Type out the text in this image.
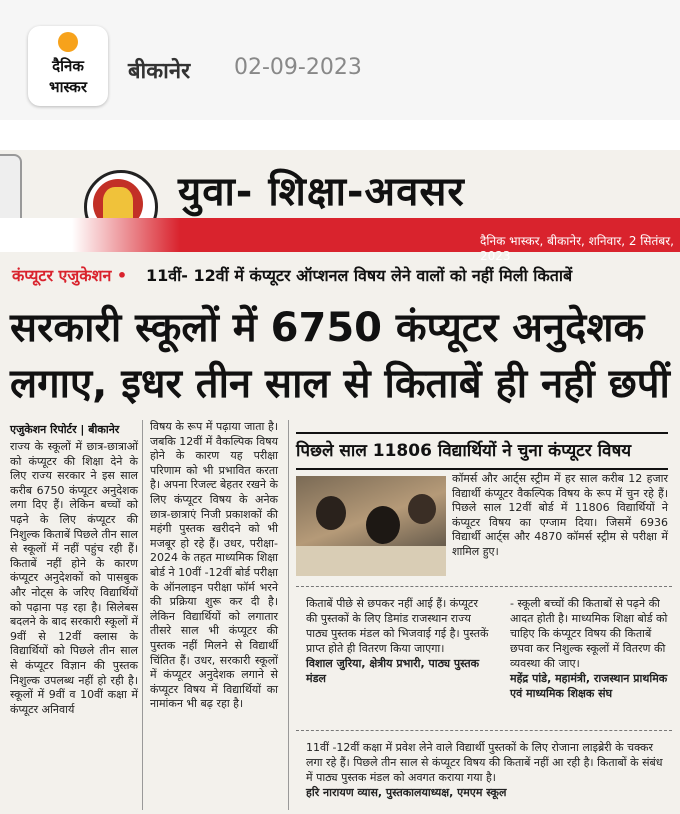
दैनिक
भास्कर
बीकानेर 02-09-2023
युवा- शिक्षा-अवसर
दैनिक भास्कर, बीकानेर, शनिवार, 2 सितंबर, 2023
कंप्यूटर एजुकेशन • 11वीं- 12वीं में कंप्यूटर ऑप्शनल विषय लेने वालों को नहीं मिली किताबें
सरकारी स्कूलों में 6750 कंप्यूटर अनुदेशक लगाए, इधर तीन साल से किताबें ही नहीं छपीं
एजुकेशन रिपोर्टर | बीकानेर
राज्य के स्कूलों में छात्र-छात्राओं को कंप्यूटर की शिक्षा देने के लिए राज्य सरकार ने इस साल करीब 6750 कंप्यूटर अनुदेशक लगा दिए हैं। लेकिन बच्चों को पढ़ने के लिए कंप्यूटर की निशुल्क किताबें पिछले तीन साल से स्कूलों में नहीं पहुंच रही हैं। किताबें नहीं होने के कारण कंप्यूटर अनुदेशकों को पासबुक और नोट्स के जरिए विद्यार्थियों को पढ़ाना पड़ रहा है। सिलेबस बदलने के बाद सरकारी स्कूलों में 9वीं से 12वीं क्लास के विद्यार्थियों को पिछले तीन साल से कंप्यूटर विज्ञान की पुस्तक निशुल्क उपलब्ध नहीं हो रही है। स्कूलों में 9वीं व 10वीं कक्षा में कंप्यूटर अनिवार्य
विषय के रूप में पढ़ाया जाता है। जबकि 12वीं में वैकल्पिक विषय होने के कारण यह परीक्षा परिणाम को भी प्रभावित करता है। अपना रिजल्ट बेहतर रखने के लिए कंप्यूटर विषय के अनेक छात्र-छात्राएं निजी प्रकाशकों की महंगी पुस्तक खरीदने को भी मजबूर हो रहे हैं। उधर, परीक्षा- 2024 के तहत माध्यमिक शिक्षा बोर्ड ने 10वीं -12वीं बोर्ड परीक्षा के ऑनलाइन परीक्षा फॉर्म भरने की प्रक्रिया शुरू कर दी है। लेकिन विद्यार्थियों को लगातार तीसरे साल भी कंप्यूटर की पुस्तक नहीं मिलने से विद्यार्थी चिंतित हैं। उधर, सरकारी स्कूलों में कंप्यूटर अनुदेशक लगाने से कंप्यूटर विषय में विद्यार्थियों का नामांकन भी बढ़ रहा है।
पिछले साल 11806 विद्यार्थियों ने चुना कंप्यूटर विषय
कॉमर्स और आर्ट्स स्ट्रीम में हर साल करीब 12 हजार विद्यार्थी कंप्यूटर वैकल्पिक विषय के रूप में चुन रहे हैं। पिछले साल 12वीं बोर्ड में 11806 विद्यार्थियों ने कंप्यूटर विषय का एग्जाम दिया। जिसमें 6936 विद्यार्थी आर्ट्स और 4870 कॉमर्स स्ट्रीम से परीक्षा में शामिल हुए।
किताबें पीछे से छपकर नहीं आई हैं। कंप्यूटर की पुस्तकों के लिए डिमांड राजस्थान राज्य पाठ्य पुस्तक मंडल को भिजवाई गई है। पुस्तकें प्राप्त होते ही वितरण किया जाएगा।
विशाल जुरिया, क्षेत्रीय प्रभारी, पाठ्य पुस्तक मंडल
- स्कूली बच्चों की किताबों से पढ़ने की आदत होती है। माध्यमिक शिक्षा बोर्ड को चाहिए कि कंप्यूटर विषय की किताबें छपवा कर निशुल्क स्कूलों में वितरण की व्यवस्था की जाए।
महेंद्र पांडे, महामंत्री, राजस्थान प्राथमिक एवं माध्यमिक शिक्षक संघ
11वीं -12वीं कक्षा में प्रवेश लेने वाले विद्यार्थी पुस्तकों के लिए रोजाना लाइब्रेरी के चक्कर लगा रहे हैं। पिछले तीन साल से कंप्यूटर विषय की किताबें नहीं आ रही है। किताबों के संबंध में पाठ्य पुस्तक मंडल को अवगत कराया गया है।
हरि नारायण व्यास, पुस्तकालयाध्यक्ष, एमएम स्कूल
